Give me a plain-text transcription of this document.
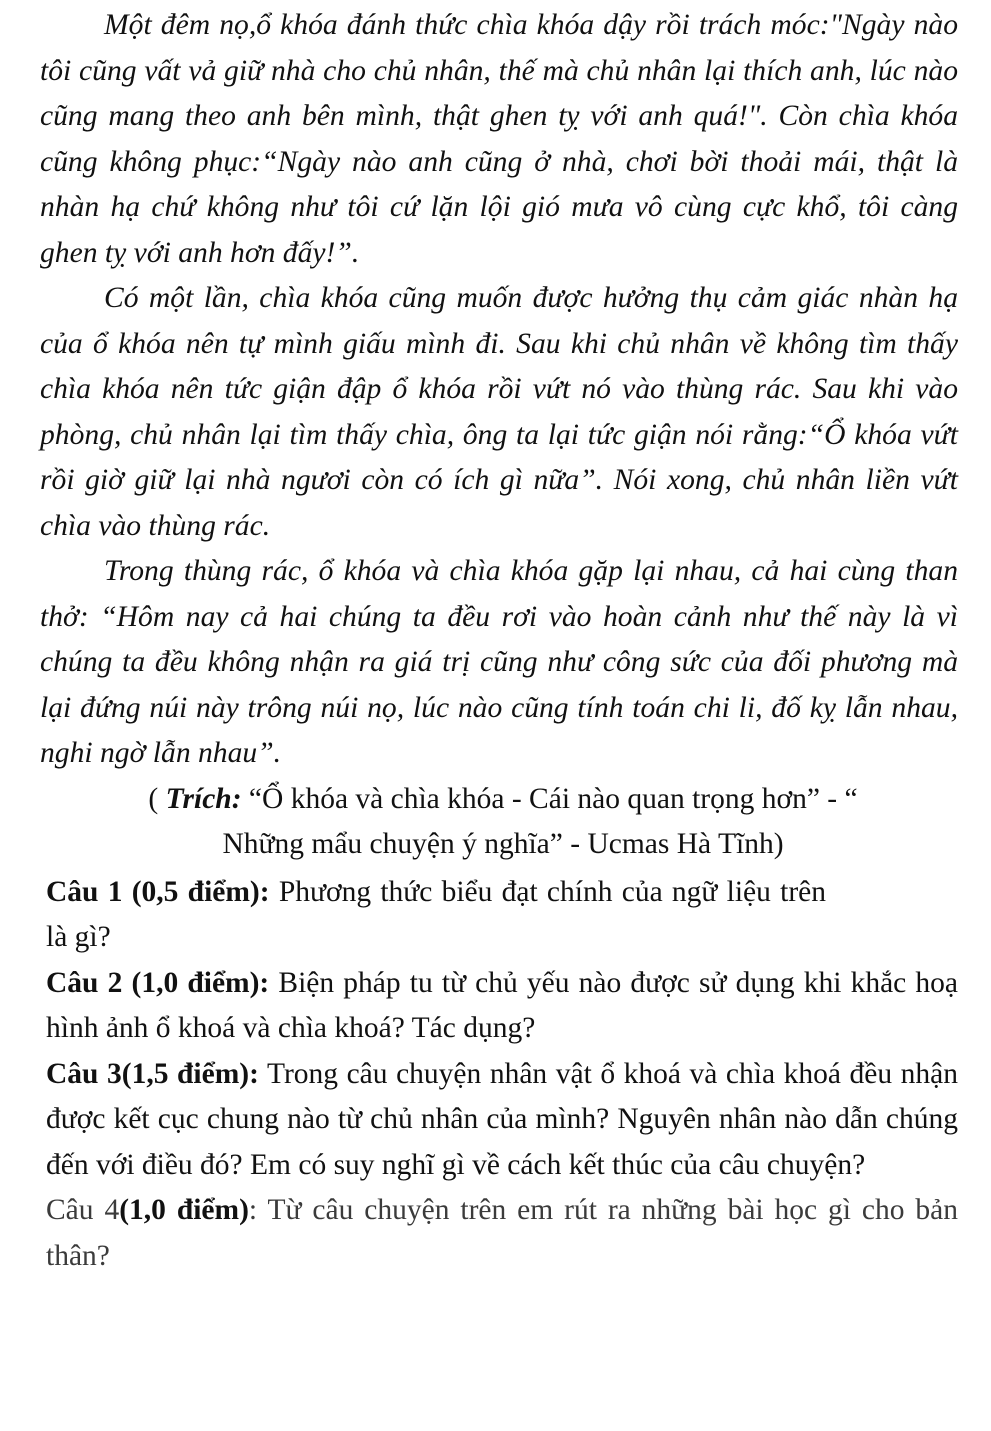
Một đêm nọ,ổ khóa đánh thức chìa khóa dậy rồi trách móc:"Ngày nào tôi cũng vất vả giữ nhà cho chủ nhân, thế mà chủ nhân lại thích anh, lúc nào cũng mang theo anh bên mình, thật ghen tỵ với anh quá!". Còn chìa khóa cũng không phục:“Ngày nào anh cũng ở nhà, chơi bời thoải mái, thật là nhàn hạ chứ không như tôi cứ lặn lội gió mưa vô cùng cực khổ, tôi càng ghen tỵ với anh hơn đấy!”.

Có một lần, chìa khóa cũng muốn được hưởng thụ cảm giác nhàn hạ của ổ khóa nên tự mình giấu mình đi. Sau khi chủ nhân về không tìm thấy chìa khóa nên tức giận đập ổ khóa rồi vứt nó vào thùng rác. Sau khi vào phòng, chủ nhân lại tìm thấy chìa, ông ta lại tức giận nói rằng:“Ổ khóa vứt rồi giờ giữ lại nhà ngươi còn có ích gì nữa”. Nói xong, chủ nhân liền vứt chìa vào thùng rác.

Trong thùng rác, ổ khóa và chìa khóa gặp lại nhau, cả hai cùng than thở: “Hôm nay cả hai chúng ta đều rơi vào hoàn cảnh như thế này là vì chúng ta đều không nhận ra giá trị cũng như công sức của đối phương mà lại đứng núi này trông núi nọ, lúc nào cũng tính toán chi li, đố kỵ lẫn nhau, nghi ngờ lẫn nhau”.

( Trích: “Ổ khóa và chìa khóa - Cái nào quan trọng hơn” - “
Những mẩu chuyện ý nghĩa” - Ucmas Hà Tĩnh)

Câu 1 (0,5 điểm): Phương thức biểu đạt chính của ngữ liệu trên là gì?

Câu 2 (1,0 điểm): Biện pháp tu từ chủ yếu nào được sử dụng khi khắc hoạ hình ảnh ổ khoá và chìa khoá? Tác dụng?

Câu 3(1,5 điểm): Trong câu chuyện nhân vật ổ khoá và chìa khoá đều nhận được kết cục chung nào từ chủ nhân của mình? Nguyên nhân nào dẫn chúng đến với điều đó? Em có suy nghĩ gì về cách kết thúc của câu chuyện?

Câu 4(1,0 điểm): Từ câu chuyện trên em rút ra những bài học gì cho bản thân?
